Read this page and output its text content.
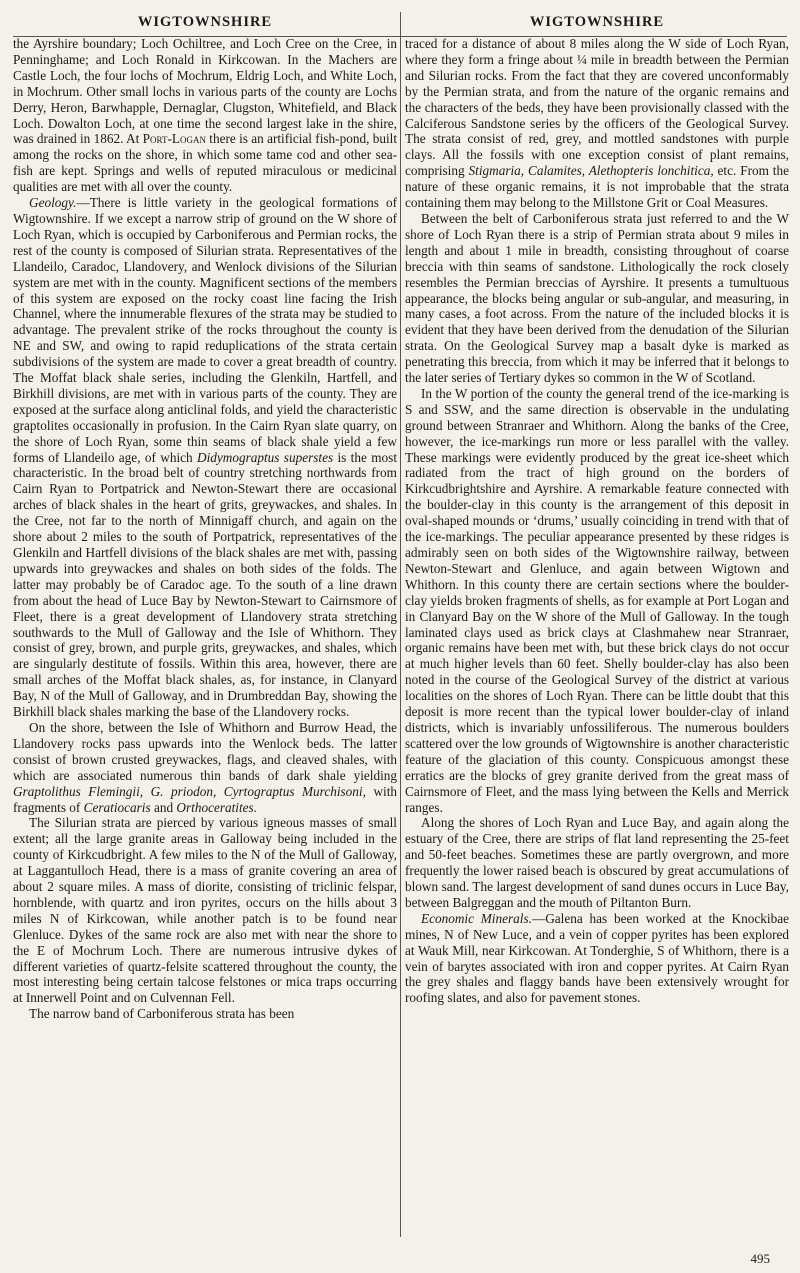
WIGTOWNSHIRE

the Ayrshire boundary; Loch Ochiltree, and Loch Cree on the Cree, in Penninghame; and Loch Ronald in Kirkcowan. In the Machers are Castle Loch, the four lochs of Mochrum, Eldrig Loch, and White Loch, in Mochrum. Other small lochs in various parts of the county are Lochs Derry, Heron, Barwhapple, Dernaglar, Clugston, Whitefield, and Black Loch. Dowalton Loch, at one time the second largest lake in the shire, was drained in 1862. At Port-Logan there is an artificial fish-pond, built among the rocks on the shore, in which some tame cod and other sea-fish are kept. Springs and wells of reputed miraculous or medicinal qualities are met with all over the county.

Geology.—There is little variety in the geological formations of Wigtownshire. If we except a narrow strip of ground on the W shore of Loch Ryan, which is occupied by Carboniferous and Permian rocks, the rest of the county is composed of Silurian strata. Representatives of the Llandeilo, Caradoc, Llandovery, and Wenlock divisions of the Silurian system are met with in the county. Magnificent sections of the members of this system are exposed on the rocky coast line facing the Irish Channel, where the innumerable flexures of the strata may be studied to advantage. The prevalent strike of the rocks throughout the county is NE and SW, and owing to rapid reduplications of the strata certain subdivisions of the system are made to cover a great breadth of country. The Moffat black shale series, including the Glenkiln, Hartfell, and Birkhill divisions, are met with in various parts of the county. They are exposed at the surface along anticlinal folds, and yield the characteristic graptolites occasionally in profusion. In the Cairn Ryan slate quarry, on the shore of Loch Ryan, some thin seams of black shale yield a few forms of Llandeilo age, of which Didymograptus superstes is the most characteristic. In the broad belt of country stretching northwards from Cairn Ryan to Portpatrick and Newton-Stewart there are occasional arches of black shales in the heart of grits, greywackes, and shales. In the Cree, not far to the north of Minnigaff church, and again on the shore about 2 miles to the south of Portpatrick, representatives of the Glenkiln and Hartfell divisions of the black shales are met with, passing upwards into greywackes and shales on both sides of the folds. The latter may probably be of Caradoc age. To the south of a line drawn from about the head of Luce Bay by Newton-Stewart to Cairnsmore of Fleet, there is a great development of Llandovery strata stretching southwards to the Mull of Galloway and the Isle of Whithorn. They consist of grey, brown, and purple grits, greywackes, and shales, which are singularly destitute of fossils. Within this area, however, there are small arches of the Moffat black shales, as, for instance, in Clanyard Bay, N of the Mull of Galloway, and in Drumbreddan Bay, showing the Birkhill black shales marking the base of the Llandovery rocks.

On the shore, between the Isle of Whithorn and Burrow Head, the Llandovery rocks pass upwards into the Wenlock beds. The latter consist of brown crusted greywackes, flags, and cleaved shales, with which are associated numerous thin bands of dark shale yielding Graptolithus Flemingii, G. priodon, Cyrtograptus Murchisoni, with fragments of Ceratiocaris and Orthoceratites.

The Silurian strata are pierced by various igneous masses of small extent; all the large granite areas in Galloway being included in the county of Kirkcudbright. A few miles to the N of the Mull of Galloway, at Laggantulloch Head, there is a mass of granite covering an area of about 2 square miles. A mass of diorite, consisting of triclinic felspar, hornblende, with quartz and iron pyrites, occurs on the hills about 3 miles N of Kirkcowan, while another patch is to be found near Glenluce. Dykes of the same rock are also met with near the shore to the E of Mochrum Loch. There are numerous intrusive dykes of different varieties of quartz-felsite scattered throughout the county, the most interesting being certain talcose felstones or mica traps occurring at Innerwell Point and on Culvennan Fell.

The narrow band of Carboniferous strata has been

WIGTOWNSHIRE

traced for a distance of about 8 miles along the W side of Loch Ryan, where they form a fringe about ¼ mile in breadth between the Permian and Silurian rocks. From the fact that they are covered unconformably by the Permian strata, and from the nature of the organic remains and the characters of the beds, they have been provisionally classed with the Calciferous Sandstone series by the officers of the Geological Survey. The strata consist of red, grey, and mottled sandstones with purple clays. All the fossils with one exception consist of plant remains, comprising Stigmaria, Calamites, Alethopteris lonchitica, etc. From the nature of these organic remains, it is not improbable that the strata containing them may belong to the Millstone Grit or Coal Measures.

Between the belt of Carboniferous strata just referred to and the W shore of Loch Ryan there is a strip of Permian strata about 9 miles in length and about 1 mile in breadth, consisting throughout of coarse breccia with thin seams of sandstone. Lithologically the rock closely resembles the Permian breccias of Ayrshire. It presents a tumultuous appearance, the blocks being angular or sub-angular, and measuring, in many cases, a foot across. From the nature of the included blocks it is evident that they have been derived from the denudation of the Silurian strata. On the Geological Survey map a basalt dyke is marked as penetrating this breccia, from which it may be inferred that it belongs to the later series of Tertiary dykes so common in the W of Scotland.

In the W portion of the county the general trend of the ice-marking is S and SSW, and the same direction is observable in the undulating ground between Stranraer and Whithorn. Along the banks of the Cree, however, the ice-markings run more or less parallel with the valley. These markings were evidently produced by the great ice-sheet which radiated from the tract of high ground on the borders of Kirkcudbrightshire and Ayrshire. A remarkable feature connected with the boulder-clay in this county is the arrangement of this deposit in oval-shaped mounds or ‘drums,’ usually coinciding in trend with that of the ice-markings. The peculiar appearance presented by these ridges is admirably seen on both sides of the Wigtownshire railway, between Newton-Stewart and Glenluce, and again between Wigtown and Whithorn. In this county there are certain sections where the boulder-clay yields broken fragments of shells, as for example at Port Logan and in Clanyard Bay on the W shore of the Mull of Galloway. In the tough laminated clays used as brick clays at Clashmahew near Stranraer, organic remains have been met with, but these brick clays do not occur at much higher levels than 60 feet. Shelly boulder-clay has also been noted in the course of the Geological Survey of the district at various localities on the shores of Loch Ryan. There can be little doubt that this deposit is more recent than the typical lower boulder-clay of inland districts, which is invariably unfossiliferous. The numerous boulders scattered over the low grounds of Wigtownshire is another characteristic feature of the glaciation of this county. Conspicuous amongst these erratics are the blocks of grey granite derived from the great mass of Cairnsmore of Fleet, and the mass lying between the Kells and Merrick ranges.

Along the shores of Loch Ryan and Luce Bay, and again along the estuary of the Cree, there are strips of flat land representing the 25-feet and 50-feet beaches. Sometimes these are partly overgrown, and more frequently the lower raised beach is obscured by great accumulations of blown sand. The largest development of sand dunes occurs in Luce Bay, between Balgreggan and the mouth of Piltanton Burn.

Economic Minerals.—Galena has been worked at the Knockibae mines, N of New Luce, and a vein of copper pyrites has been explored at Wauk Mill, near Kirkcowan. At Tonderghie, S of Whithorn, there is a vein of barytes associated with iron and copper pyrites. At Cairn Ryan the grey shales and flaggy bands have been extensively wrought for roofing slates, and also for pavement stones.

495
